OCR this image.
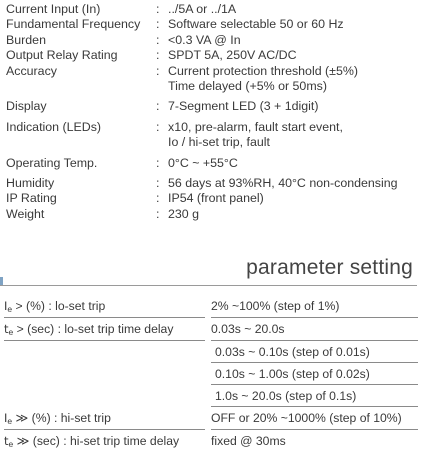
Current Input (In)	: ../5A or ../1A
Fundamental Frequency	: Software selectable 50 or 60 Hz
Burden	: <0.3 VA @ In
Output Relay Rating	: SPDT 5A, 250V AC/DC
Accuracy	: Current protection threshold (±5%)
Time delayed (+5% or 50ms)
Display	: 7-Segment LED (3 + 1digit)
Indication (LEDs)	: x10, pre-alarm, fault start event,
Io / hi-set trip, fault
Operating Temp.	: 0°C ~ +55°C
Humidity	: 56 days at 93%RH, 40°C non-condensing
IP Rating	: IP54 (front panel)
Weight	: 230 g
parameter setting
$I_e$ > (%) : lo-set trip	2% ~100% (step of 1%)
$t_e > (\sec)$ : lo-set trip time delay	0.03s ~ 20.0s
0.03s ~ 0.10s (step of 0.01s)
0.10s ~ 1.00s (step of 0.02s)
1.0s ~ 20.0s (step of 0.1s)
$I_e$ ≫ (%) : hi-set trip	OFF or 20% ~1000% (step of 10%)
$t_e$ ≫ (sec) : hi-set trip time delay	fixed @ 30ms
